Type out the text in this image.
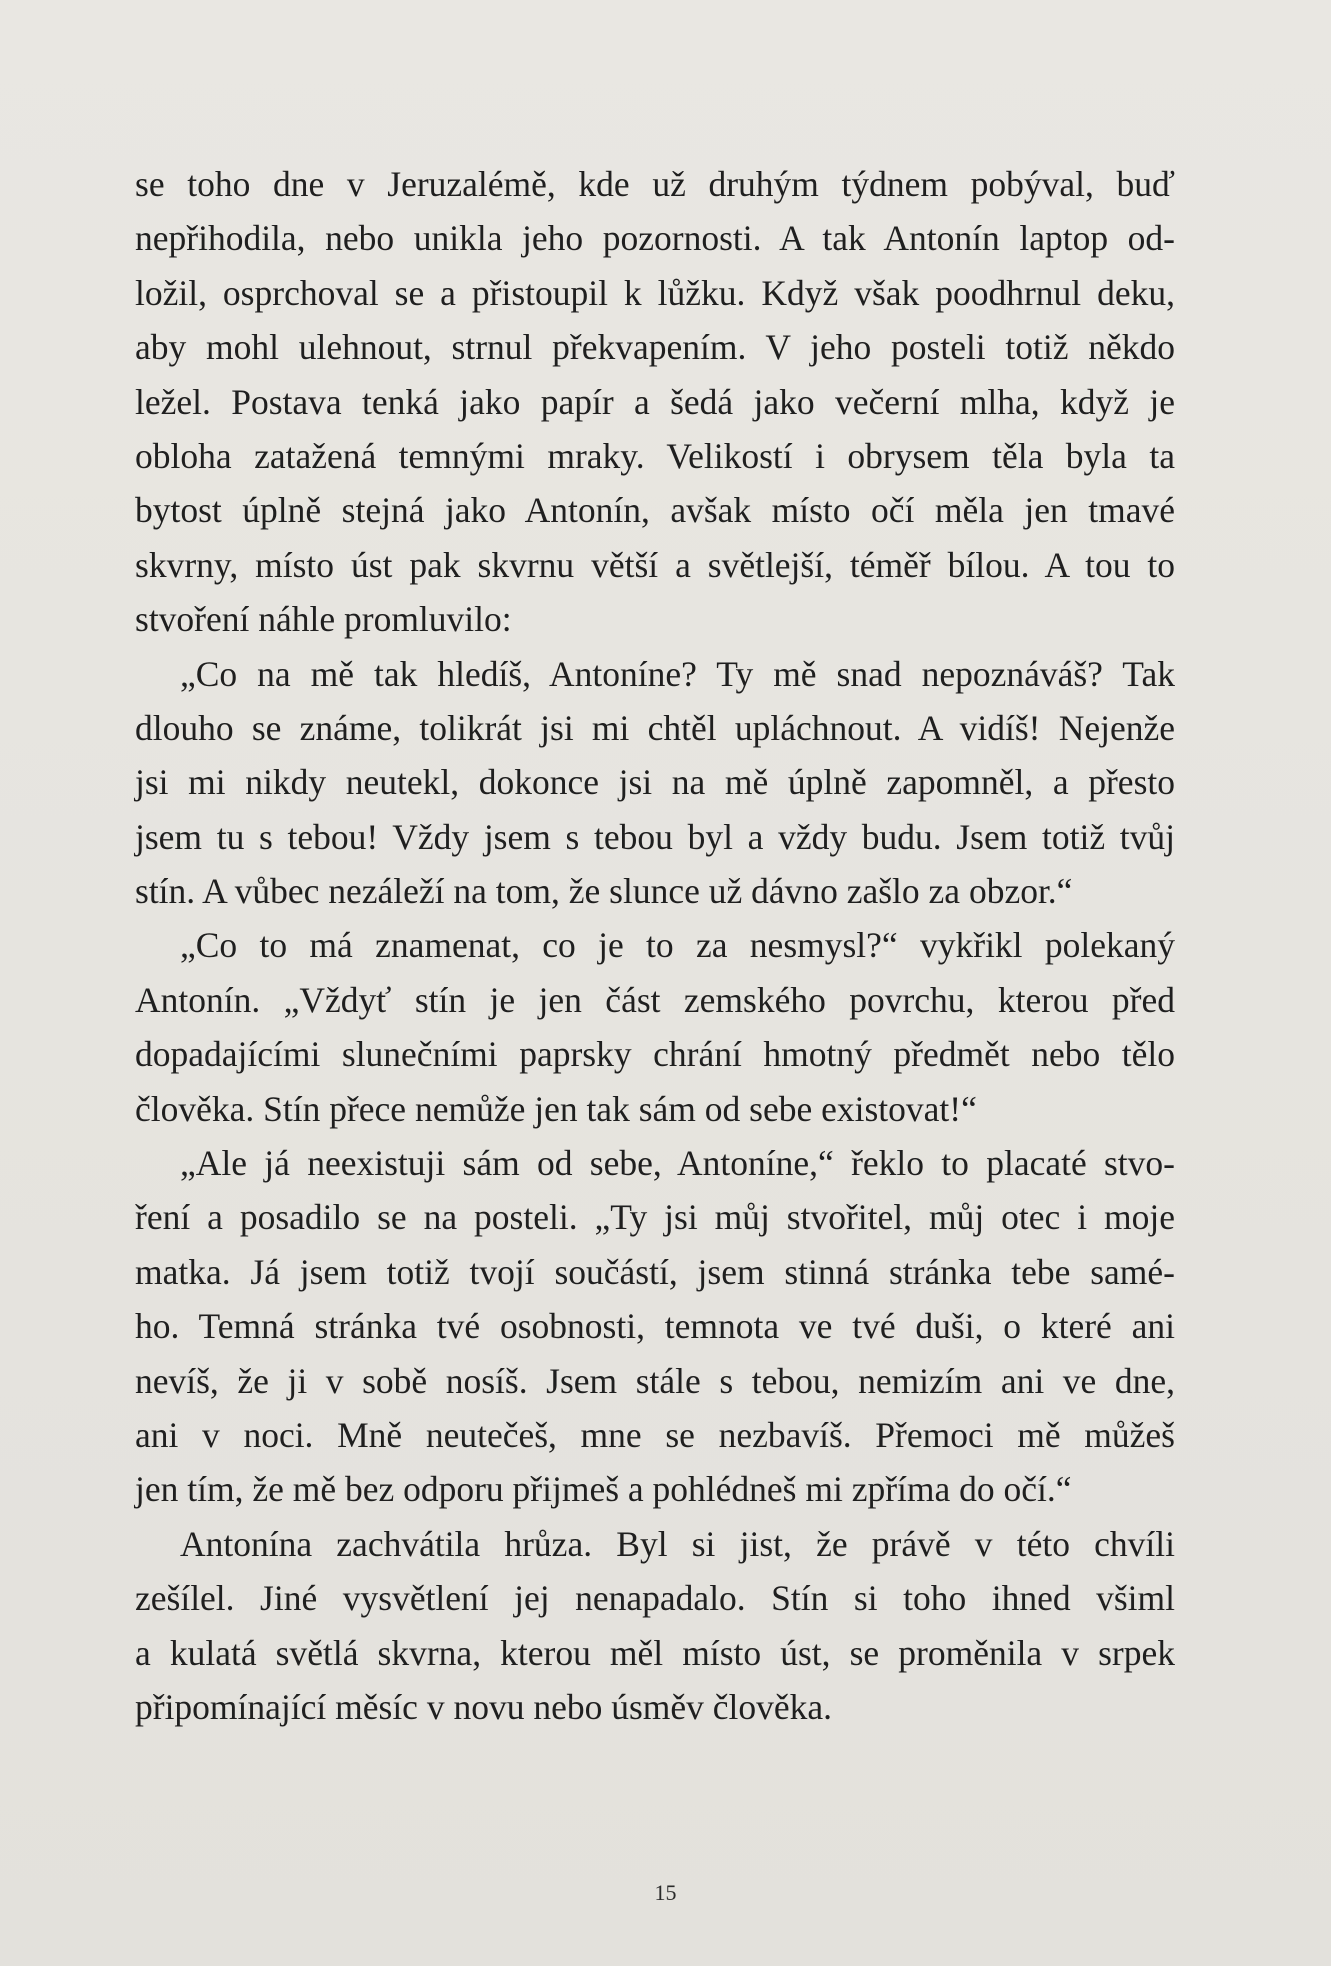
se toho dne v Jeruzalémě, kde už druhým týdnem pobýval, buď
nepřihodila, nebo unikla jeho pozornosti. A tak Antonín laptop od-
ložil, osprchoval se a přistoupil k lůžku. Když však poodhrnul deku,
aby mohl ulehnout, strnul překvapením. V jeho posteli totiž někdo
ležel. Postava tenká jako papír a šedá jako večerní mlha, když je
obloha zatažená temnými mraky. Velikostí i obrysem těla byla ta
bytost úplně stejná jako Antonín, avšak místo očí měla jen tmavé
skvrny, místo úst pak skvrnu větší a světlejší, téměř bílou. A tou to
stvoření náhle promluvilo:
„Co na mě tak hledíš, Antoníne? Ty mě snad nepoznáváš? Tak
dlouho se známe, tolikrát jsi mi chtěl upláchnout. A vidíš! Nejenže
jsi mi nikdy neutekl, dokonce jsi na mě úplně zapomněl, a přesto
jsem tu s tebou! Vždy jsem s tebou byl a vždy budu. Jsem totiž tvůj
stín. A vůbec nezáleží na tom, že slunce už dávno zašlo za obzor.“
„Co to má znamenat, co je to za nesmysl?“ vykřikl polekaný
Antonín. „Vždyť stín je jen část zemského povrchu, kterou před
dopadajícími slunečními paprsky chrání hmotný předmět nebo tělo
člověka. Stín přece nemůže jen tak sám od sebe existovat!“
„Ale já neexistuji sám od sebe, Antoníne,“ řeklo to placaté stvo-
ření a posadilo se na posteli. „Ty jsi můj stvořitel, můj otec i moje
matka. Já jsem totiž tvojí součástí, jsem stinná stránka tebe samé-
ho. Temná stránka tvé osobnosti, temnota ve tvé duši, o které ani
nevíš, že ji v sobě nosíš. Jsem stále s tebou, nemizím ani ve dne,
ani v noci. Mně neutečeš, mne se nezbavíš. Přemoci mě můžeš
jen tím, že mě bez odporu přijmeš a pohlédneš mi zpříma do očí.“
Antonína zachvátila hrůza. Byl si jist, že právě v této chvíli
zešílel. Jiné vysvětlení jej nenapadalo. Stín si toho ihned všiml
a kulatá světlá skvrna, kterou měl místo úst, se proměnila v srpek
připomínající měsíc v novu nebo úsměv člověka.
15
